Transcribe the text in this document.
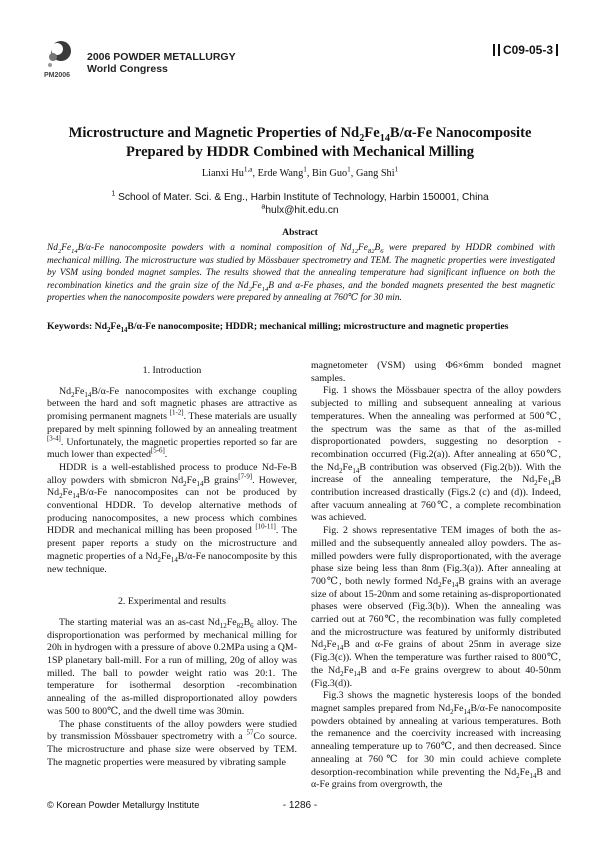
PM2006
2006 POWDER METALLURGY
World Congress
C09-05-3
Microstructure and Magnetic Properties of $Nd_2Fe_{14}B/\alpha-Fe$ Nanocomposite
Prepared by HDDR Combined with Mechanical Milling
Lianxi Hu$^{1,a}$, Erde Wang$^1$, Bin Guo$^1$, Gang Shi$^1$
$^1$ School of Mater. Sci. & Eng., Harbin Institute of Technology, Harbin 150001, China
$^a$hulx@hit.edu.cn
Abstract
$Nd_2Fe_{14}B/\alpha-Fe$ nanocomposite powders with a nominal composition of $Nd_{12}Fe_{82}B_6$ were prepared by HDDR combined with mechanical milling. The microstructure was studied by Mössbauer spectrometry and TEM. The magnetic properties were investigated by VSM using bonded magnet samples. The results showed that the annealing temperature had significant influence on both the recombination kinetics and the grain size of the $Nd_2Fe_{14}B$ and α-Fe phases, and the bonded magnets presented the best magnetic properties when the nanocomposite powders were prepared by annealing at 760℃ for 30 min.
Keywords: $Nd_2Fe_{14}B/\alpha-Fe$ nanocomposite; HDDR; mechanical milling; microstructure and magnetic properties
1. Introduction

$Nd_2Fe_{14}B/\alpha-Fe$ nanocomposites with exchange coupling between the hard and soft magnetic phases are attractive as promising permanent magnets [1-2]. These materials are usually prepared by melt spinning followed by an annealing treatment [3-4]. Unfortunately, the magnetic properties reported so far are much lower than expected[5-6].

HDDR is a well-established process to produce Nd-Fe-B alloy powders with sbmicron $Nd_2Fe_{14}B$ grains[7-9]. However, $Nd_2Fe_{14}B/\alpha-Fe$ nanocomposites can not be produced by conventional HDDR. To develop alternative methods of producing nanocomposites, a new process which combines HDDR and mechanical milling has been proposed [10-11]. The present paper reports a study on the microstructure and magnetic properties of a $Nd_2Fe_{14}B/\alpha-Fe$ nanocomposite by this new technique.

2. Experimental and results

The starting material was an as-cast $Nd_{12}Fe_{82}B_6$ alloy. The disproportionation was performed by mechanical milling for 20h in hydrogen with a pressure of above 0.2MPa using a QM-1SP planetary ball-mill. For a run of milling, 20g of alloy was milled. The ball to powder weight ratio was 20:1. The temperature for isothermal desorption -recombination annealing of the as-milled disproportionated alloy powders was 500 to 800℃, and the dwell time was 30min.

The phase constituents of the alloy powders were studied by transmission Mössbauer spectrometry with a $^{57}$Co source. The microstructure and phase size were observed by TEM. The magnetic properties were measured by vibrating sample

magnetometer (VSM) using Φ6×6mm bonded magnet samples.

Fig. 1 shows the Mössbauer spectra of the alloy powders subjected to milling and subsequent annealing at various temperatures. When the annealing was performed at 500℃, the spectrum was the same as that of the as-milled disproportionated powders, suggesting no desorption -recombination occurred (Fig.2(a)). After annealing at 650℃, the $Nd_2Fe_{14}B$ contribution was observed (Fig.2(b)). With the increase of the annealing temperature, the $Nd_2Fe_{14}B$ contribution increased drastically (Figs.2 (c) and (d)). Indeed, after vacuum annealing at 760℃, a complete recombination was achieved.

Fig. 2 shows representative TEM images of both the as-milled and the subsequently annealed alloy powders. The as-milled powders were fully disproportionated, with the average phase size being less than 8nm (Fig.3(a)). After annealing at 700℃, both newly formed $Nd_2Fe_{14}B$ grains with an average size of about 15-20nm and some retaining as-disproportionated phases were observed (Fig.3(b)). When the annealing was carried out at 760℃, the recombination was fully completed and the microstructure was featured by uniformly distributed $Nd_2Fe_{14}B$ and α-Fe grains of about 25nm in average size (Fig.3(c)). When the temperature was further raised to 800℃, the $Nd_2Fe_{14}B$ and α-Fe grains overgrew to about 40-50nm (Fig.3(d)).

Fig.3 shows the magnetic hysteresis loops of the bonded magnet samples prepared from $Nd_2Fe_{14}B/\alpha-Fe$ nanocomposite powders obtained by annealing at various temperatures. Both the remanence and the coercivity increased with increasing annealing temperature up to 760℃, and then decreased. Since annealing at 760℃ for 30 min could achieve complete desorption-recombination while preventing the $Nd_2Fe_{14}B$ and α-Fe grains from overgrowth, the

© Korean Powder Metallurgy Institute	- 1286 -
